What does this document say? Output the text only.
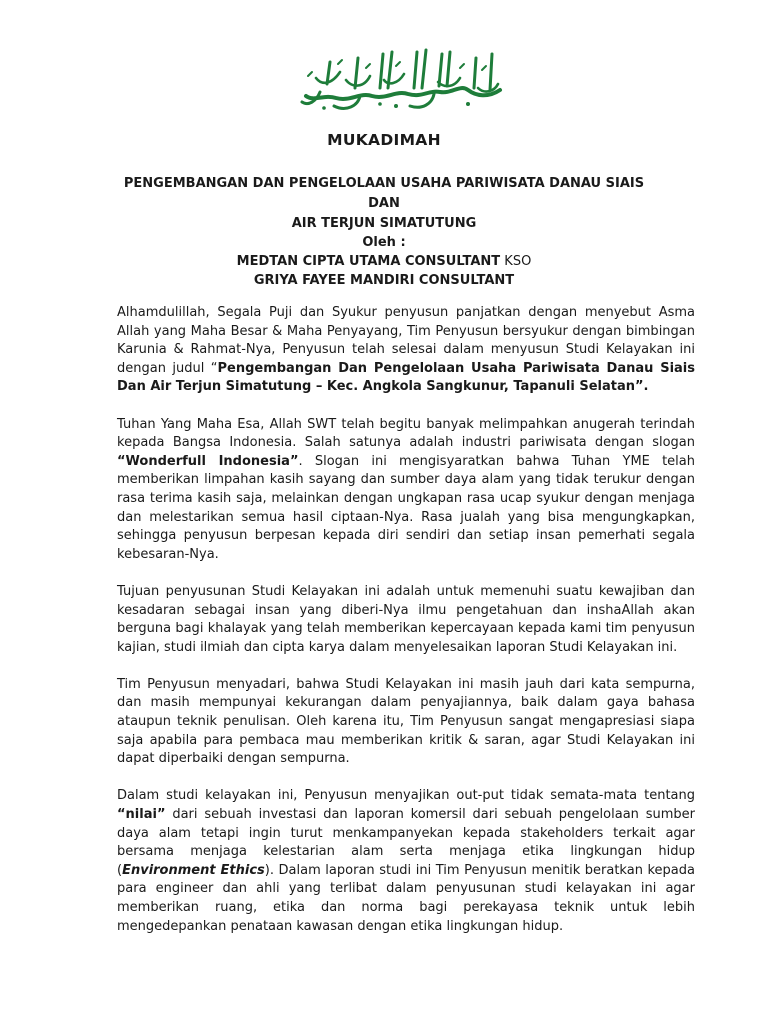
MUKADIMAH
PENGEMBANGAN DAN PENGELOLAAN USAHA PARIWISATA DANAU SIAIS DAN
AIR TERJUN SIMATUTUNG
Oleh :
MEDTAN CIPTA UTAMA CONSULTANT KSO
GRIYA FAYEE MANDIRI CONSULTANT

Alhamdulillah, Segala Puji dan Syukur penyusun panjatkan dengan menyebut Asma Allah yang Maha Besar & Maha Penyayang, Tim Penyusun bersyukur dengan bimbingan Karunia & Rahmat-Nya, Penyusun telah selesai dalam menyusun Studi Kelayakan ini dengan judul “Pengembangan Dan Pengelolaan Usaha Pariwisata Danau Siais Dan Air Terjun Simatutung – Kec. Angkola Sangkunur, Tapanuli Selatan”.

Tuhan Yang Maha Esa, Allah SWT telah begitu banyak melimpahkan anugerah terindah kepada Bangsa Indonesia. Salah satunya adalah industri pariwisata dengan slogan “Wonderfull Indonesia”. Slogan ini mengisyaratkan bahwa Tuhan YME telah memberikan limpahan kasih sayang dan sumber daya alam yang tidak terukur dengan rasa terima kasih saja, melainkan dengan ungkapan rasa ucap syukur dengan menjaga dan melestarikan semua hasil ciptaan-Nya. Rasa jualah yang bisa mengungkapkan, sehingga penyusun berpesan kepada diri sendiri dan setiap insan pemerhati segala kebesaran-Nya.

Tujuan penyusunan Studi Kelayakan ini adalah untuk memenuhi suatu kewajiban dan kesadaran sebagai insan yang diberi-Nya ilmu pengetahuan dan inshaAllah akan berguna bagi khalayak yang telah memberikan kepercayaan kepada kami tim penyusun kajian, studi ilmiah dan cipta karya dalam menyelesaikan laporan Studi Kelayakan ini.

Tim Penyusun menyadari, bahwa Studi Kelayakan ini masih jauh dari kata sempurna, dan masih mempunyai kekurangan dalam penyajiannya, baik dalam gaya bahasa ataupun teknik penulisan. Oleh karena itu, Tim Penyusun sangat mengapresiasi siapa saja apabila para pembaca mau memberikan kritik & saran, agar Studi Kelayakan ini dapat diperbaiki dengan sempurna.

Dalam studi kelayakan ini, Penyusun menyajikan out-put tidak semata-mata tentang “nilai” dari sebuah investasi dan laporan komersil dari sebuah pengelolaan sumber daya alam tetapi ingin turut menkampanyekan kepada stakeholders terkait agar bersama menjaga kelestarian alam serta menjaga etika lingkungan hidup (Environment Ethics). Dalam laporan studi ini Tim Penyusun menitik beratkan kepada para engineer dan ahli yang terlibat dalam penyusunan studi kelayakan ini agar memberikan ruang, etika dan norma bagi perekayasa teknik untuk lebih mengedepankan penataan kawasan dengan etika lingkungan hidup.
